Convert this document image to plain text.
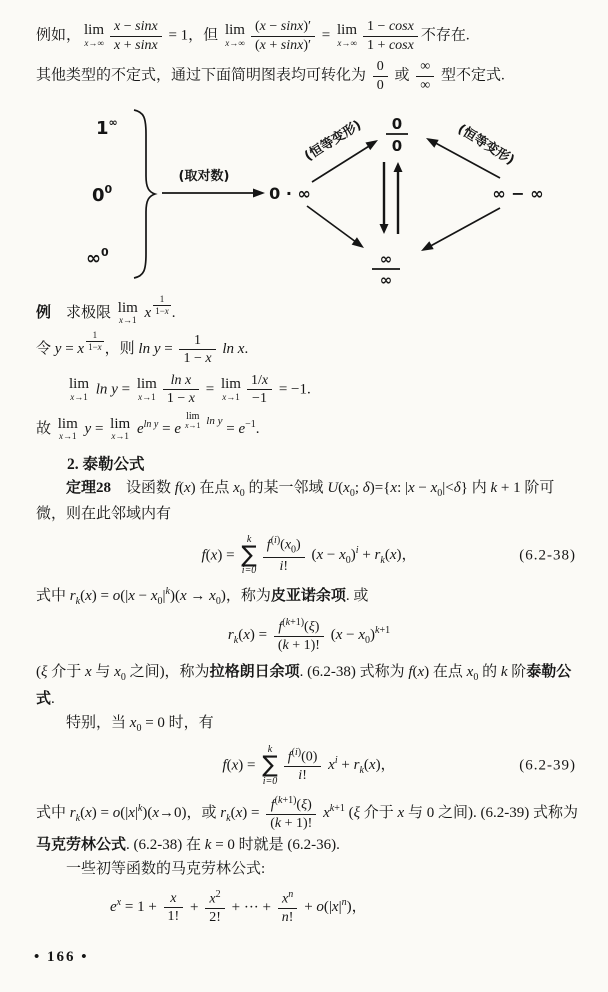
例如， lim
$x\to\infty \frac{x - \sin x}{x + \sin x} = 1$，但 lim
$x\to\infty \frac{(x - \sin x)'}{(x + \sin x)'} = \lim$
$x\to\infty \frac{1 - \cos x}{1 + \cos x}$ 不存在.
其他类型的不定式，通过下面简明图表均可转化为 $\frac{0}{0}$ 或 $\frac{\infty}{\infty}$ 型不定式.
1∞
$0^0$
∞$^0$
(取对数)
0 · ∞
0
0
∞
∞
∞ − ∞
(恒等变形)	(恒等变形)
例　求极限 lim
x→1 x $\frac{1}{1-x}$ .
令 y = x $\frac{1}{1-x}$ ，则 $\ln y = \frac{1}{1 - x}$ ln x.
lim
x→1 ln y = lim
$x\to 1 \frac{\text{ln x}}{1 - x} = \lim$
$x\to 1 \frac{1/x}{-1} = -1$.
故 lim
x→1 y = lim
x→1 $e^{ln y} = e$
lim
x→1 $\ln y = e^{-1}$.
2. 泰勒公式
定理28　设函数 f(x) 在点 $x_0$ 的某一邻域 $U(x_0$; δ)={x: $|x - x_0|<\delta$} 内 k + 1 阶可微，则在此邻域内有
f(x) =
k
∑
$i=0 \frac{f^{(i)}(x_0)}{i!} (x - x_0)^i + r_k(x)$，	(6.2-38)
式中 $r_k(x) = o(|x - x_0|^k)(x \to x_0)$，称为皮亚诺余项. 或
$r_k(x) = \frac{f^{(k+1)}(\xi)}{(k + 1)!} (x - x_0)^{k+1}$
(ξ 介于 x 与 $x_0$ 之间)，称为拉格朗日余项. (6.2-38) 式称为 f(x) 在点 $x_0$ 的 k 阶泰勒公式.
特别，当 $x_0 = 0$ 时，有
f(x) =
k
∑
$i=0 \frac{f^{(i)}(0)}{i!} x^i + r_k(x)$，	(6.2-39)
式中 $r_k(x) = o(|x|^k)(x\to 0)$，或 $r_k(x) = \frac{f^{(k+1)}(\xi)}{(k + 1)!} x^{k+1}$ (ξ 介于 x 与 0 之间). (6.2-39) 式称为马克劳林公式. (6.2-38) 在 k = 0 时就是 (6.2-36).
一些初等函数的马克劳林公式:
$e^x = 1 + \frac{x}{1!} + \frac{x^2}{2!}$ + ··· + $\frac{x^n}{n!} + o(|x|^n)$，
• 166 •
